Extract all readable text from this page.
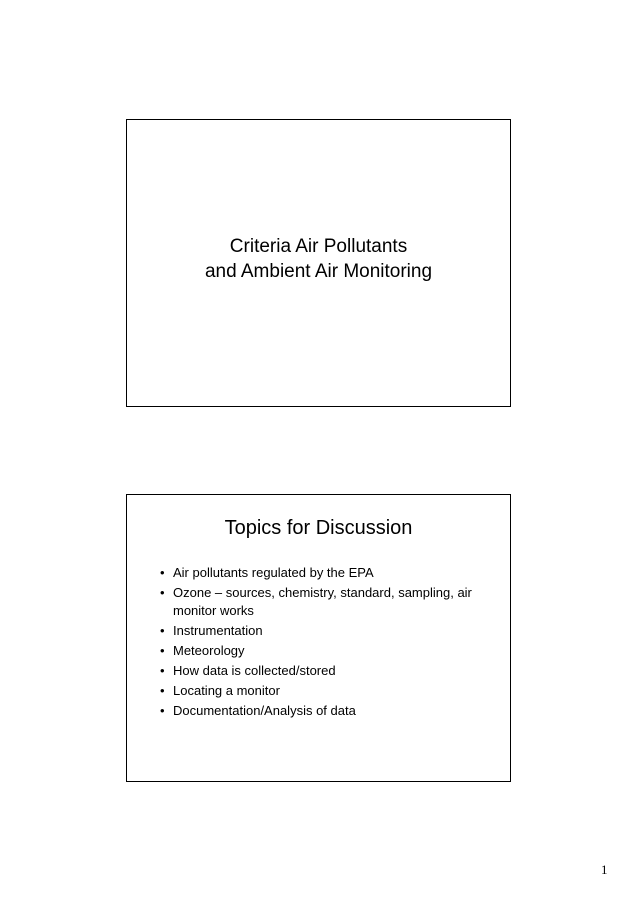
Criteria Air Pollutants
and Ambient Air Monitoring
Topics for Discussion
• Air pollutants regulated by the EPA
• Ozone – sources, chemistry, standard, sampling, air monitor works
• Instrumentation
• Meteorology
• How data is collected/stored
• Locating a monitor
• Documentation/Analysis of data
1
